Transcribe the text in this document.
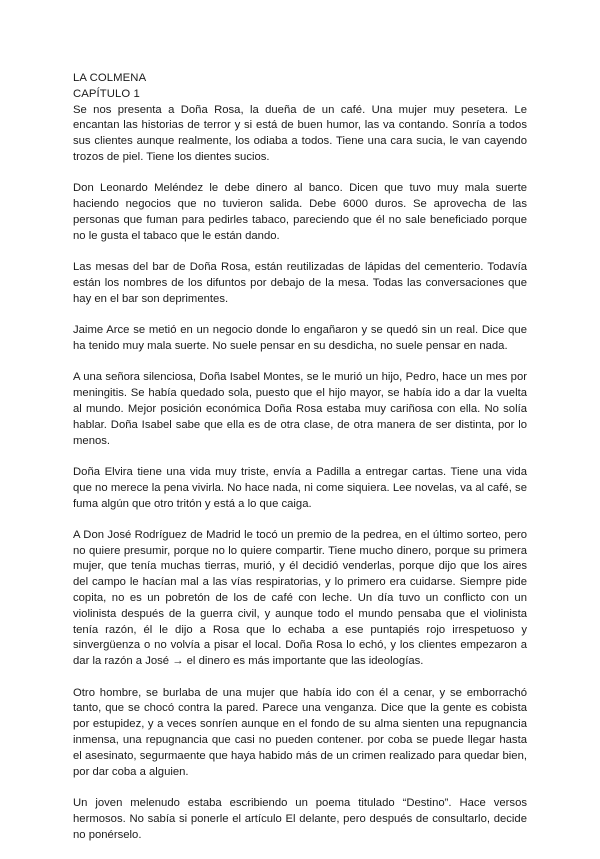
LA COLMENA
CAPÍTULO 1

Se nos presenta a Doña Rosa, la dueña de un café. Una mujer muy pesetera. Le encantan las historias de terror y si está de buen humor, las va contando. Sonría a todos sus clientes aunque realmente, los odiaba a todos. Tiene una cara sucia, le van cayendo trozos de piel. Tiene los dientes sucios.

Don Leonardo Meléndez le debe dinero al banco. Dicen que tuvo muy mala suerte haciendo negocios que no tuvieron salida. Debe 6000 duros. Se aprovecha de las personas que fuman para pedirles tabaco, pareciendo que él no sale beneficiado porque no le gusta el tabaco que le están dando.

Las mesas del bar de Doña Rosa, están reutilizadas de lápidas del cementerio. Todavía están los nombres de los difuntos por debajo de la mesa. Todas las conversaciones que hay en el bar son deprimentes.

Jaime Arce se metió en un negocio donde lo engañaron y se quedó sin un real. Dice que ha tenido muy mala suerte. No suele pensar en su desdicha, no suele pensar en nada.

A una señora silenciosa, Doña Isabel Montes, se le murió un hijo, Pedro, hace un mes por meningitis. Se había quedado sola, puesto que el hijo mayor, se había ido a dar la vuelta al mundo. Mejor posición económica Doña Rosa estaba muy cariñosa con ella. No solía hablar. Doña Isabel sabe que ella es de otra clase, de otra manera de ser distinta, por lo menos.

Doña Elvira tiene una vida muy triste, envía a Padilla a entregar cartas. Tiene una vida que no merece la pena vivirla. No hace nada, ni come siquiera. Lee novelas, va al café, se fuma algún que otro tritón y está a lo que caiga.

A Don José Rodríguez de Madrid le tocó un premio de la pedrea, en el último sorteo, pero no quiere presumir, porque no lo quiere compartir. Tiene mucho dinero, porque su primera mujer, que tenía muchas tierras, murió, y él decidió venderlas, porque dijo que los aires del campo le hacían mal a las vías respiratorias, y lo primero era cuidarse. Siempre pide copita, no es un pobretón de los de café con leche. Un día tuvo un conflicto con un violinista después de la guerra civil, y aunque todo el mundo pensaba que el violinista tenía razón, él le dijo a Rosa que lo echaba a ese puntapiés rojo irrespetuoso y sinvergüenza o no volvía a pisar el local. Doña Rosa lo echó, y los clientes empezaron a dar la razón a José → el dinero es más importante que las ideologías.

Otro hombre, se burlaba de una mujer que había ido con él a cenar, y se emborrachó tanto, que se chocó contra la pared. Parece una venganza. Dice que la gente es cobista por estupidez, y a veces sonríen aunque en el fondo de su alma sienten una repugnancia inmensa, una repugnancia que casi no pueden contener. por coba se puede llegar hasta el asesinato, segurmaente que haya habido más de un crimen realizado para quedar bien, por dar coba a alguien.

Un joven melenudo estaba escribiendo un poema titulado “Destino”. Hace versos hermosos. No sabía si ponerle el artículo El delante, pero después de consultarlo, decide no ponérselo.
